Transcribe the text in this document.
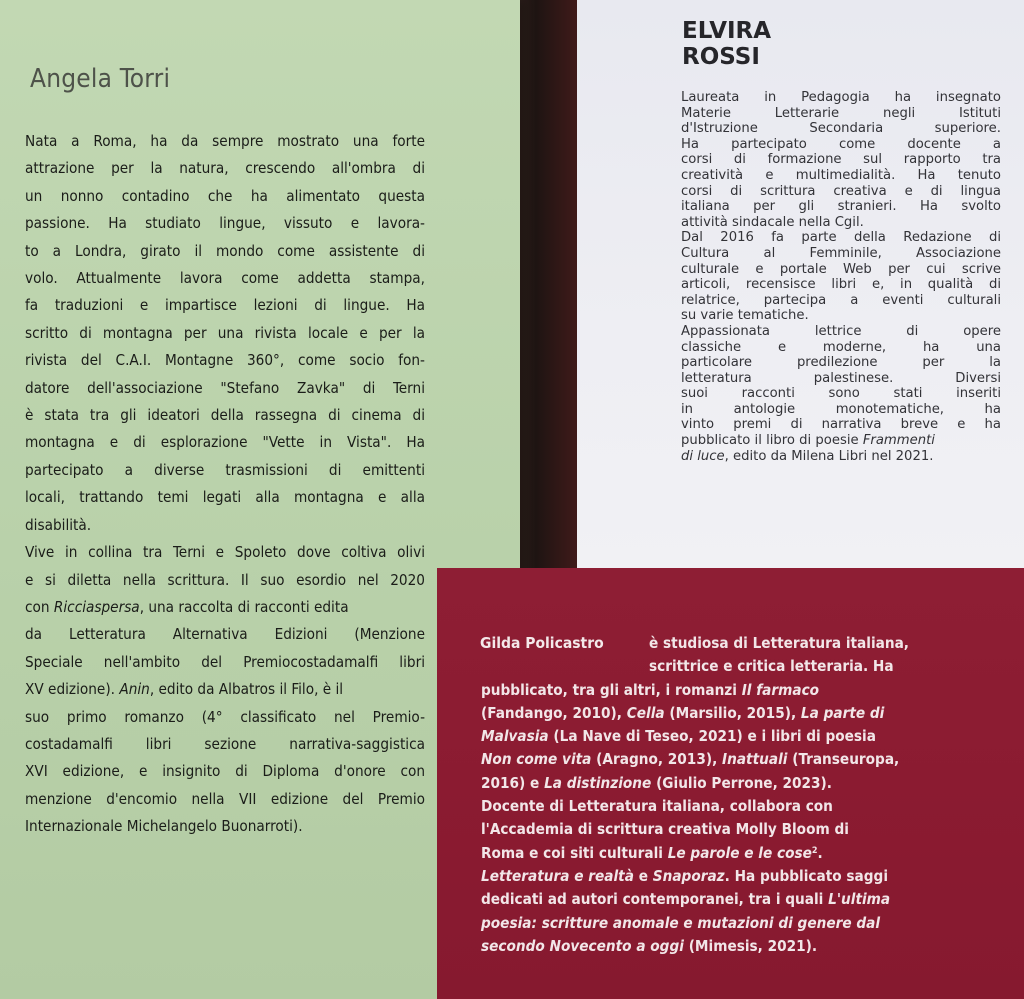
Angela Torri
Nata a Roma, ha da sempre mostrato una forte
attrazione per la natura, crescendo all'ombra di
un nonno contadino che ha alimentato questa
passione. Ha studiato lingue, vissuto e lavora-
to a Londra, girato il mondo come assistente di
volo. Attualmente lavora come addetta stampa,
fa traduzioni e impartisce lezioni di lingue. Ha
scritto di montagna per una rivista locale e per la
rivista del C.A.I. Montagne 360°, come socio fon-
datore dell'associazione "Stefano Zavka" di Terni
è stata tra gli ideatori della rassegna di cinema di
montagna e di esplorazione "Vette in Vista". Ha
partecipato a diverse trasmissioni di emittenti
locali, trattando temi legati alla montagna e alla
disabilità.
Vive in collina tra Terni e Spoleto dove coltiva olivi
e si diletta nella scrittura. Il suo esordio nel 2020
con Ricciaspersa, una raccolta di racconti edita
da Letteratura Alternativa Edizioni (Menzione
Speciale nell'ambito del Premiocostadamalfi libri
XV edizione). Anin, edito da Albatros il Filo, è il
suo primo romanzo (4° classificato nel Premio-
costadamalfi libri sezione narrativa-saggistica
XVI edizione, e insignito di Diploma d'onore con
menzione d'encomio nella VII edizione del Premio
Internazionale Michelangelo Buonarroti).
ELVIRA
ROSSI
Laureata in Pedagogia ha insegnato
Materie Letterarie negli Istituti
d'Istruzione Secondaria superiore.
Ha partecipato come docente a
corsi di formazione sul rapporto tra
creatività e multimedialità. Ha tenuto
corsi di scrittura creativa e di lingua
italiana per gli stranieri. Ha svolto
attività sindacale nella Cgil.
Dal 2016 fa parte della Redazione di
Cultura al Femminile, Associazione
culturale e portale Web per cui scrive
articoli, recensisce libri e, in qualità di
relatrice, partecipa a eventi culturali
su varie tematiche.
Appassionata lettrice di opere
classiche e moderne, ha una
particolare predilezione per la
letteratura palestinese. Diversi
suoi racconti sono stati inseriti
in antologie monotematiche, ha
vinto premi di narrativa breve e ha
pubblicato il libro di poesie Frammenti
di luce, edito da Milena Libri nel 2021.
Gilda Policastro	è studiosa di Letteratura italiana,
scrittrice e critica letteraria. Ha
pubblicato, tra gli altri, i romanzi Il farmaco
(Fandango, 2010), Cella (Marsilio, 2015), La parte di
Malvasia (La Nave di Teseo, 2021) e i libri di poesia
Non come vita (Aragno, 2013), Inattuali (Transeuropa,
2016) e La distinzione (Giulio Perrone, 2023).
Docente di Letteratura italiana, collabora con
l'Accademia di scrittura creativa Molly Bloom di
Roma e coi siti culturali Le parole e le cose$^2$.
Letteratura e realtà e Snaporaz. Ha pubblicato saggi
dedicati ad autori contemporanei, tra i quali L'ultima
poesia: scritture anomale e mutazioni di genere dal
secondo Novecento a oggi (Mimesis, 2021).
